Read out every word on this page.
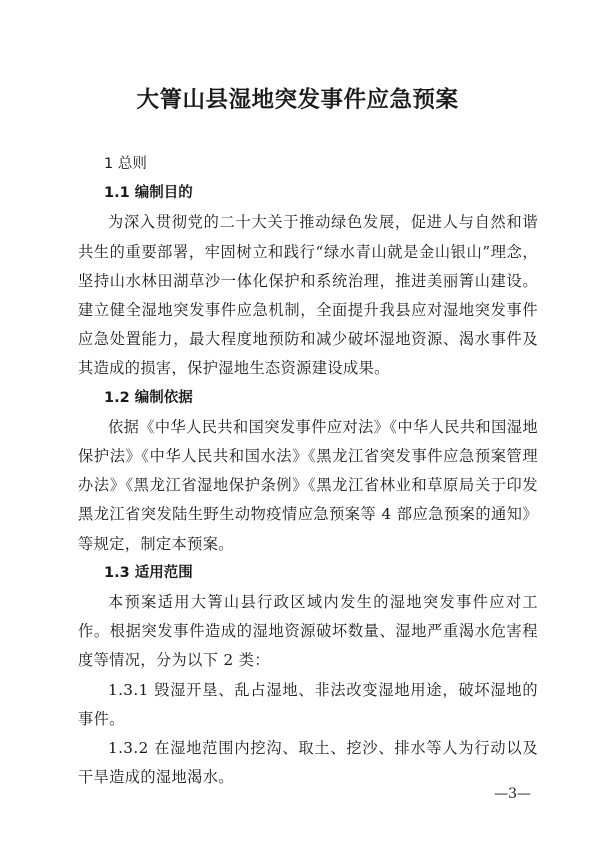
大箐山县湿地突发事件应急预案
1 总则
1.1 编制目的

为深入贯彻党的二十大关于推动绿色发展，促进人与自然和谐共生的重要部署，牢固树立和践行“绿水青山就是金山银山”理念，坚持山水林田湖草沙一体化保护和系统治理，推进美丽箐山建设。建立健全湿地突发事件应急机制，全面提升我县应对湿地突发事件应急处置能力，最大程度地预防和减少破坏湿地资源、渴水事件及其造成的损害，保护湿地生态资源建设成果。

1.2 编制依据

依据《中华人民共和国突发事件应对法》《中华人民共和国湿地保护法》《中华人民共和国水法》《黑龙江省突发事件应急预案管理办法》《黑龙江省湿地保护条例》《黑龙江省林业和草原局关于印发黑龙江省突发陆生野生动物疫情应急预案等 4 部应急预案的通知》等规定，制定本预案。

1.3 适用范围

本预案适用大箐山县行政区域内发生的湿地突发事件应对工作。根据突发事件造成的湿地资源破坏数量、湿地严重渴水危害程度等情况，分为以下 2 类：

1.3.1 毁湿开垦、乱占湿地、非法改变湿地用途，破坏湿地的事件。

1.3.2 在湿地范围内挖沟、取土、挖沙、排水等人为行动以及干旱造成的湿地渴水。

—3—
